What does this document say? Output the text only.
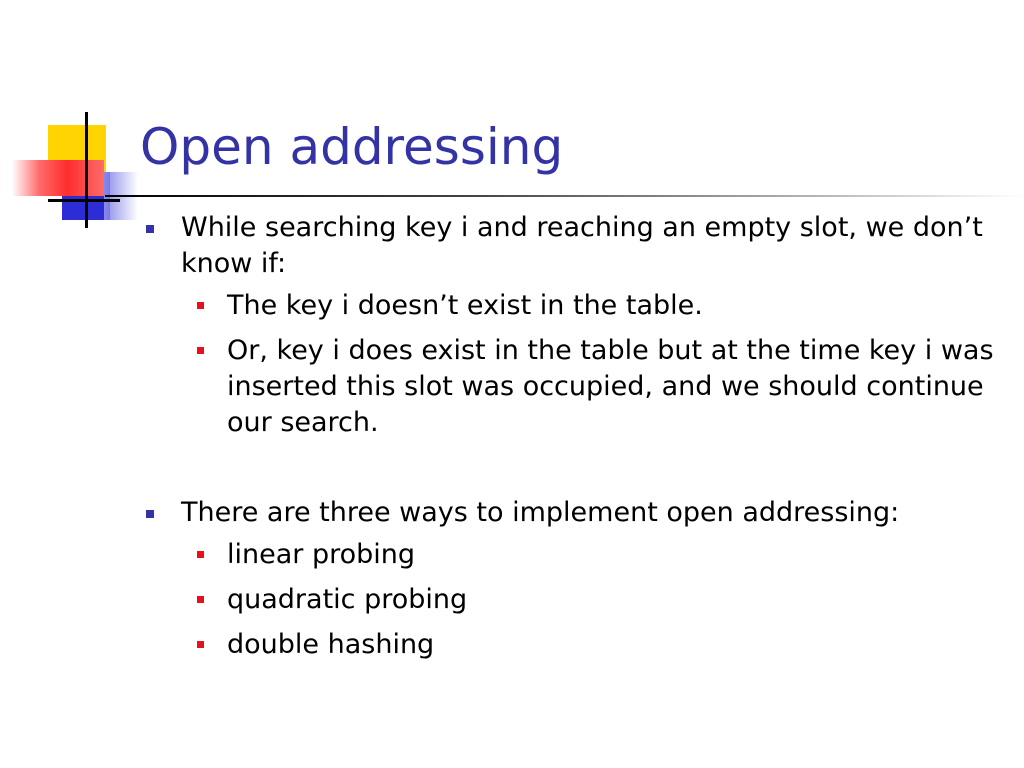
Open addressing
While searching key i and reaching an empty slot, we don’t know if:
The key i doesn’t exist in the table.
Or, key i does exist in the table but at the time key i was inserted this slot was occupied, and we should continue our search.
There are three ways to implement open addressing:
linear probing
quadratic probing
double hashing
